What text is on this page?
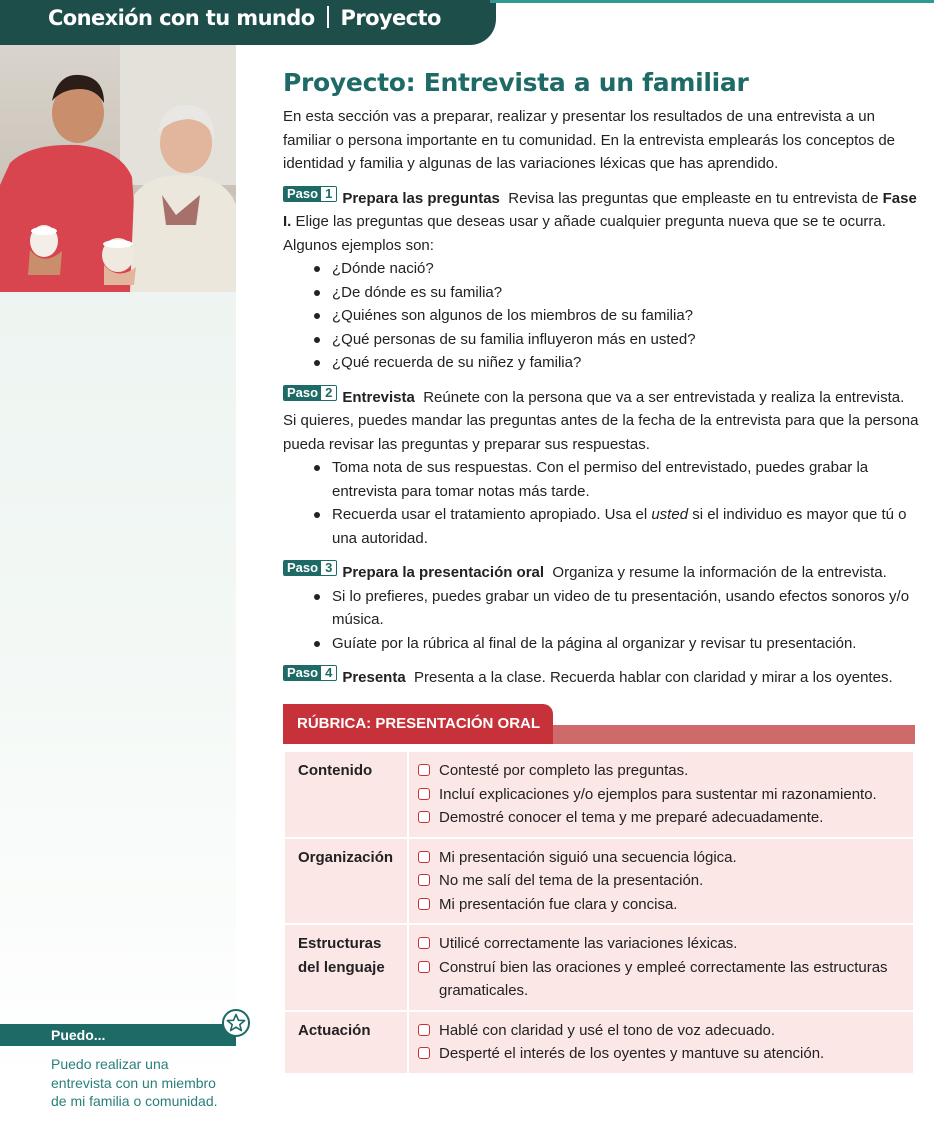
Conexión con tu mundo Proyecto
Puedo...
Puedo realizar una entrevista con un miembro de mi familia o comunidad.
Proyecto: Entrevista a un familiar

En esta sección vas a preparar, realizar y presentar los resultados de una entrevista a un familiar o persona importante en tu comunidad. En la entrevista emplearás los conceptos de identidad y familia y algunas de las variaciones léxicas que has aprendido.

Paso 1 Prepara las preguntas Revisa las preguntas que empleaste en tu entrevista de Fase I. Elige las preguntas que deseas usar y añade cualquier pregunta nueva que se te ocurra. Algunos ejemplos son:

¿Dónde nació?
¿De dónde es su familia?
¿Quiénes son algunos de los miembros de su familia?
¿Qué personas de su familia influyeron más en usted?
¿Qué recuerda de su niñez y familia?

Paso 2 Entrevista Reúnete con la persona que va a ser entrevistada y realiza la entrevista. Si quieres, puedes mandar las preguntas antes de la fecha de la entrevista para que la persona pueda revisar las preguntas y preparar sus respuestas.

Toma nota de sus respuestas. Con el permiso del entrevistado, puedes grabar la entrevista para tomar notas más tarde.
Recuerda usar el tratamiento apropiado. Usa el usted si el individuo es mayor que tú o una autoridad.

Paso 3 Prepara la presentación oral Organiza y resume la información de la entrevista.

Si lo prefieres, puedes grabar un video de tu presentación, usando efectos sonoros y/o música.
Guíate por la rúbrica al final de la página al organizar y revisar tu presentación.

Paso 4 Presenta Presenta a la clase. Recuerda hablar con claridad y mirar a los oyentes.

RÚBRICA: PRESENTACIÓN ORAL
Contenido	Contesté por completo las preguntas.
Incluí explicaciones y/o ejemplos para sustentar mi razonamiento.
Demostré conocer el tema y me preparé adecuadamente.

Organización	Mi presentación siguió una secuencia lógica.
No me salí del tema de la presentación.
Mi presentación fue clara y concisa.

Estructuras del lenguaje	Utilicé correctamente las variaciones léxicas.
Construí bien las oraciones y empleé correctamente las estructuras gramaticales.

Actuación	Hablé con claridad y usé el tono de voz adecuado.
Desperté el interés de los oyentes y mantuve su atención.
